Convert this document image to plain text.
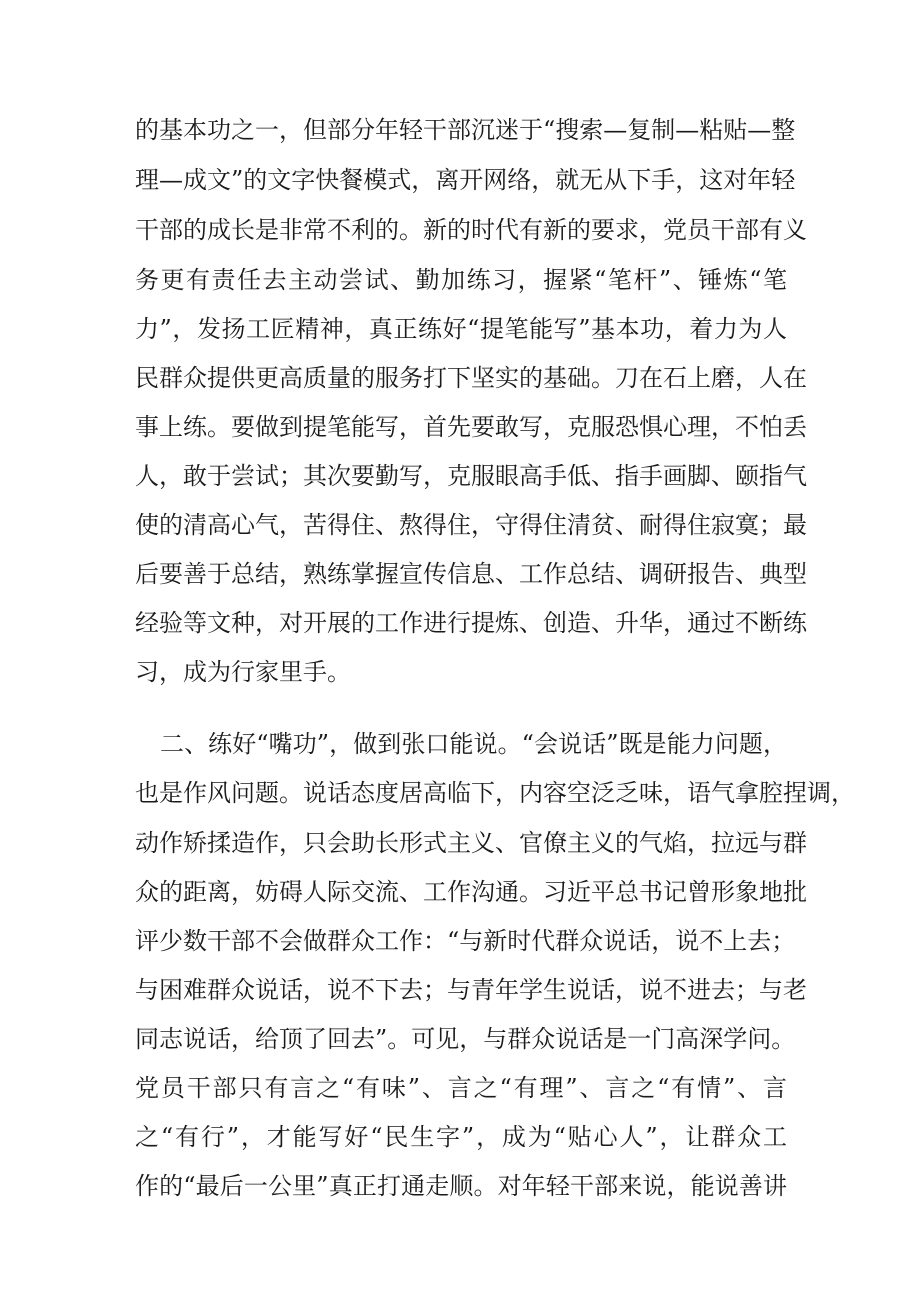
的基本功之一，但部分年轻干部沉迷于“搜索—复制—粘贴—整
理—成文”的文字快餐模式，离开网络，就无从下手，这对年轻
干部的成长是非常不利的。新的时代有新的要求，党员干部有义
务更有责任去主动尝试、勤加练习，握紧“笔杆”、锤炼“笔
力”，发扬工匠精神，真正练好“提笔能写”基本功，着力为人
民群众提供更高质量的服务打下坚实的基础。刀在石上磨，人在
事上练。要做到提笔能写，首先要敢写，克服恐惧心理，不怕丢
人，敢于尝试；其次要勤写，克服眼高手低、指手画脚、颐指气
使的清高心气，苦得住、熬得住，守得住清贫、耐得住寂寞；最
后要善于总结，熟练掌握宣传信息、工作总结、调研报告、典型
经验等文种，对开展的工作进行提炼、创造、升华，通过不断练
习，成为行家里手。
二、练好“嘴功”，做到张口能说。“会说话”既是能力问题，
也是作风问题。说话态度居高临下，内容空泛乏味，语气拿腔捏调，
动作矫揉造作，只会助长形式主义、官僚主义的气焰，拉远与群
众的距离，妨碍人际交流、工作沟通。习近平总书记曾形象地批
评少数干部不会做群众工作：“与新时代群众说话，说不上去；
与困难群众说话，说不下去；与青年学生说话，说不进去；与老
同志说话，给顶了回去”。可见，与群众说话是一门高深学问。
党员干部只有言之“有味”、言之“有理”、言之“有情”、言
之“有行”，才能写好“民生字”，成为“贴心人”，让群众工
作的“最后一公里”真正打通走顺。对年轻干部来说，能说善讲
